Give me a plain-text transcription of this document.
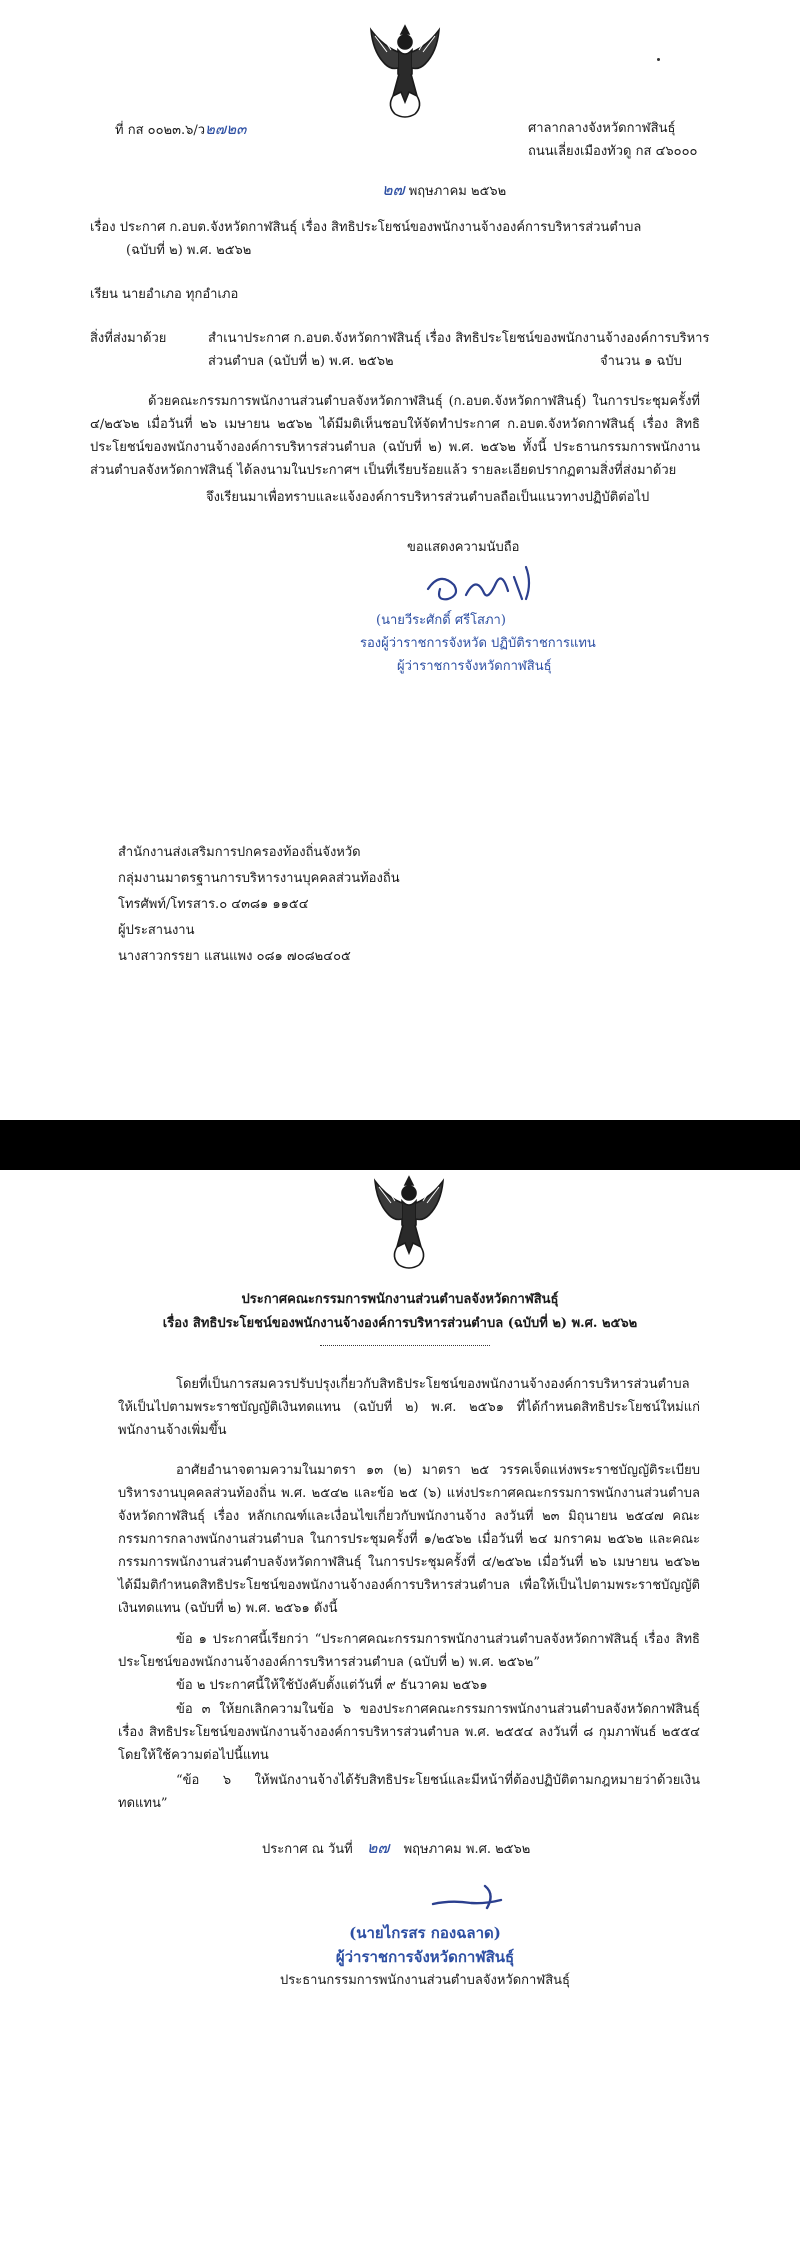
ที่ กส ๐๐๒๓.๖/ว๒๗๒๓	ศาลากลางจังหวัดกาฬสินธุ์
ถนนเลี่ยงเมืองทัวดู กส ๔๖๐๐๐
๒๗ พฤษภาคม ๒๕๖๒
เรื่อง ประกาศ ก.อบต.จังหวัดกาฬสินธุ์ เรื่อง สิทธิประโยชน์ของพนักงานจ้างองค์การบริหารส่วนตำบล
(ฉบับที่ ๒) พ.ศ. ๒๕๖๒
เรียน นายอำเภอ ทุกอำเภอ
สิ่งที่ส่งมาด้วย	สำเนาประกาศ ก.อบต.จังหวัดกาฬสินธุ์ เรื่อง สิทธิประโยชน์ของพนักงานจ้างองค์การบริหาร
ส่วนตำบล (ฉบับที่ ๒) พ.ศ. ๒๕๖๒	จำนวน ๑ ฉบับ
ด้วยคณะกรรมการพนักงานส่วนตำบลจังหวัดกาฬสินธุ์ (ก.อบต.จังหวัดกาฬสินธุ์) ในการประชุมครั้งที่ ๔/๒๕๖๒ เมื่อวันที่ ๒๖ เมษายน ๒๕๖๒ ได้มีมติเห็นชอบให้จัดทำประกาศ ก.อบต.จังหวัดกาฬสินธุ์ เรื่อง สิทธิประโยชน์ของพนักงานจ้างองค์การบริหารส่วนตำบล (ฉบับที่ ๒) พ.ศ. ๒๕๖๒ ทั้งนี้ ประธานกรรมการพนักงานส่วนตำบลจังหวัดกาฬสินธุ์ ได้ลงนามในประกาศฯ เป็นที่เรียบร้อยแล้ว รายละเอียดปรากฏตามสิ่งที่ส่งมาด้วย
จึงเรียนมาเพื่อทราบและแจ้งองค์การบริหารส่วนตำบลถือเป็นแนวทางปฏิบัติต่อไป
ขอแสดงความนับถือ
(นายวีระศักดิ์ ศรีโสภา)
รองผู้ว่าราชการจังหวัด ปฏิบัติราชการแทน
ผู้ว่าราชการจังหวัดกาฬสินธุ์
สำนักงานส่งเสริมการปกครองท้องถิ่นจังหวัด
กลุ่มงานมาตรฐานการบริหารงานบุคคลส่วนท้องถิ่น
โทรศัพท์/โทรสาร.๐ ๔๓๘๑ ๑๑๕๔
ผู้ประสานงาน
นางสาวกรรยา แสนแพง ๐๘๑ ๗๐๘๒๔๐๕
ประกาศคณะกรรมการพนักงานส่วนตำบลจังหวัดกาฬสินธุ์
เรื่อง สิทธิประโยชน์ของพนักงานจ้างองค์การบริหารส่วนตำบล (ฉบับที่ ๒) พ.ศ. ๒๕๖๒
โดยที่เป็นการสมควรปรับปรุงเกี่ยวกับสิทธิประโยชน์ของพนักงานจ้างองค์การบริหารส่วนตำบลให้เป็นไปตามพระราชบัญญัติเงินทดแทน (ฉบับที่ ๒) พ.ศ. ๒๕๖๑ ที่ได้กำหนดสิทธิประโยชน์ใหม่แก่พนักงานจ้างเพิ่มขึ้น
อาศัยอำนาจตามความในมาตรา ๑๓ (๒) มาตรา ๒๕ วรรคเจ็ดแห่งพระราชบัญญัติระเบียบบริหารงานบุคคลส่วนท้องถิ่น พ.ศ. ๒๕๔๒ และข้อ ๒๕ (๖) แห่งประกาศคณะกรรมการพนักงานส่วนตำบลจังหวัดกาฬสินธุ์ เรื่อง หลักเกณฑ์และเงื่อนไขเกี่ยวกับพนักงานจ้าง ลงวันที่ ๒๓ มิถุนายน ๒๕๔๗ คณะกรรมการกลางพนักงานส่วนตำบล ในการประชุมครั้งที่ ๑/๒๕๖๒ เมื่อวันที่ ๒๔ มกราคม ๒๕๖๒ และคณะกรรมการพนักงานส่วนตำบลจังหวัดกาฬสินธุ์ ในการประชุมครั้งที่ ๔/๒๕๖๒ เมื่อวันที่ ๒๖ เมษายน ๒๕๖๒ ได้มีมติกำหนดสิทธิประโยชน์ของพนักงานจ้างองค์การบริหารส่วนตำบล เพื่อให้เป็นไปตามพระราชบัญญัติเงินทดแทน (ฉบับที่ ๒) พ.ศ. ๒๕๖๑ ดังนี้
ข้อ ๑ ประกาศนี้เรียกว่า “ประกาศคณะกรรมการพนักงานส่วนตำบลจังหวัดกาฬสินธุ์ เรื่อง สิทธิประโยชน์ของพนักงานจ้างองค์การบริหารส่วนตำบล (ฉบับที่ ๒) พ.ศ. ๒๕๖๒”
ข้อ ๒ ประกาศนี้ให้ใช้บังคับตั้งแต่วันที่ ๙ ธันวาคม ๒๕๖๑
ข้อ ๓ ให้ยกเลิกความในข้อ ๖ ของประกาศคณะกรรมการพนักงานส่วนตำบลจังหวัดกาฬสินธุ์ เรื่อง สิทธิประโยชน์ของพนักงานจ้างองค์การบริหารส่วนตำบล พ.ศ. ๒๕๕๔ ลงวันที่ ๘ กุมภาพันธ์ ๒๕๕๔ โดยให้ใช้ความต่อไปนี้แทน
“ข้อ ๖ ให้พนักงานจ้างได้รับสิทธิประโยชน์และมีหน้าที่ต้องปฏิบัติตามกฎหมายว่าด้วยเงินทดแทน”
ประกาศ ณ วันที่ ๒๗ พฤษภาคม พ.ศ. ๒๕๖๒
(นายไกรสร กองฉลาด)
ผู้ว่าราชการจังหวัดกาฬสินธุ์
ประธานกรรมการพนักงานส่วนตำบลจังหวัดกาฬสินธุ์
